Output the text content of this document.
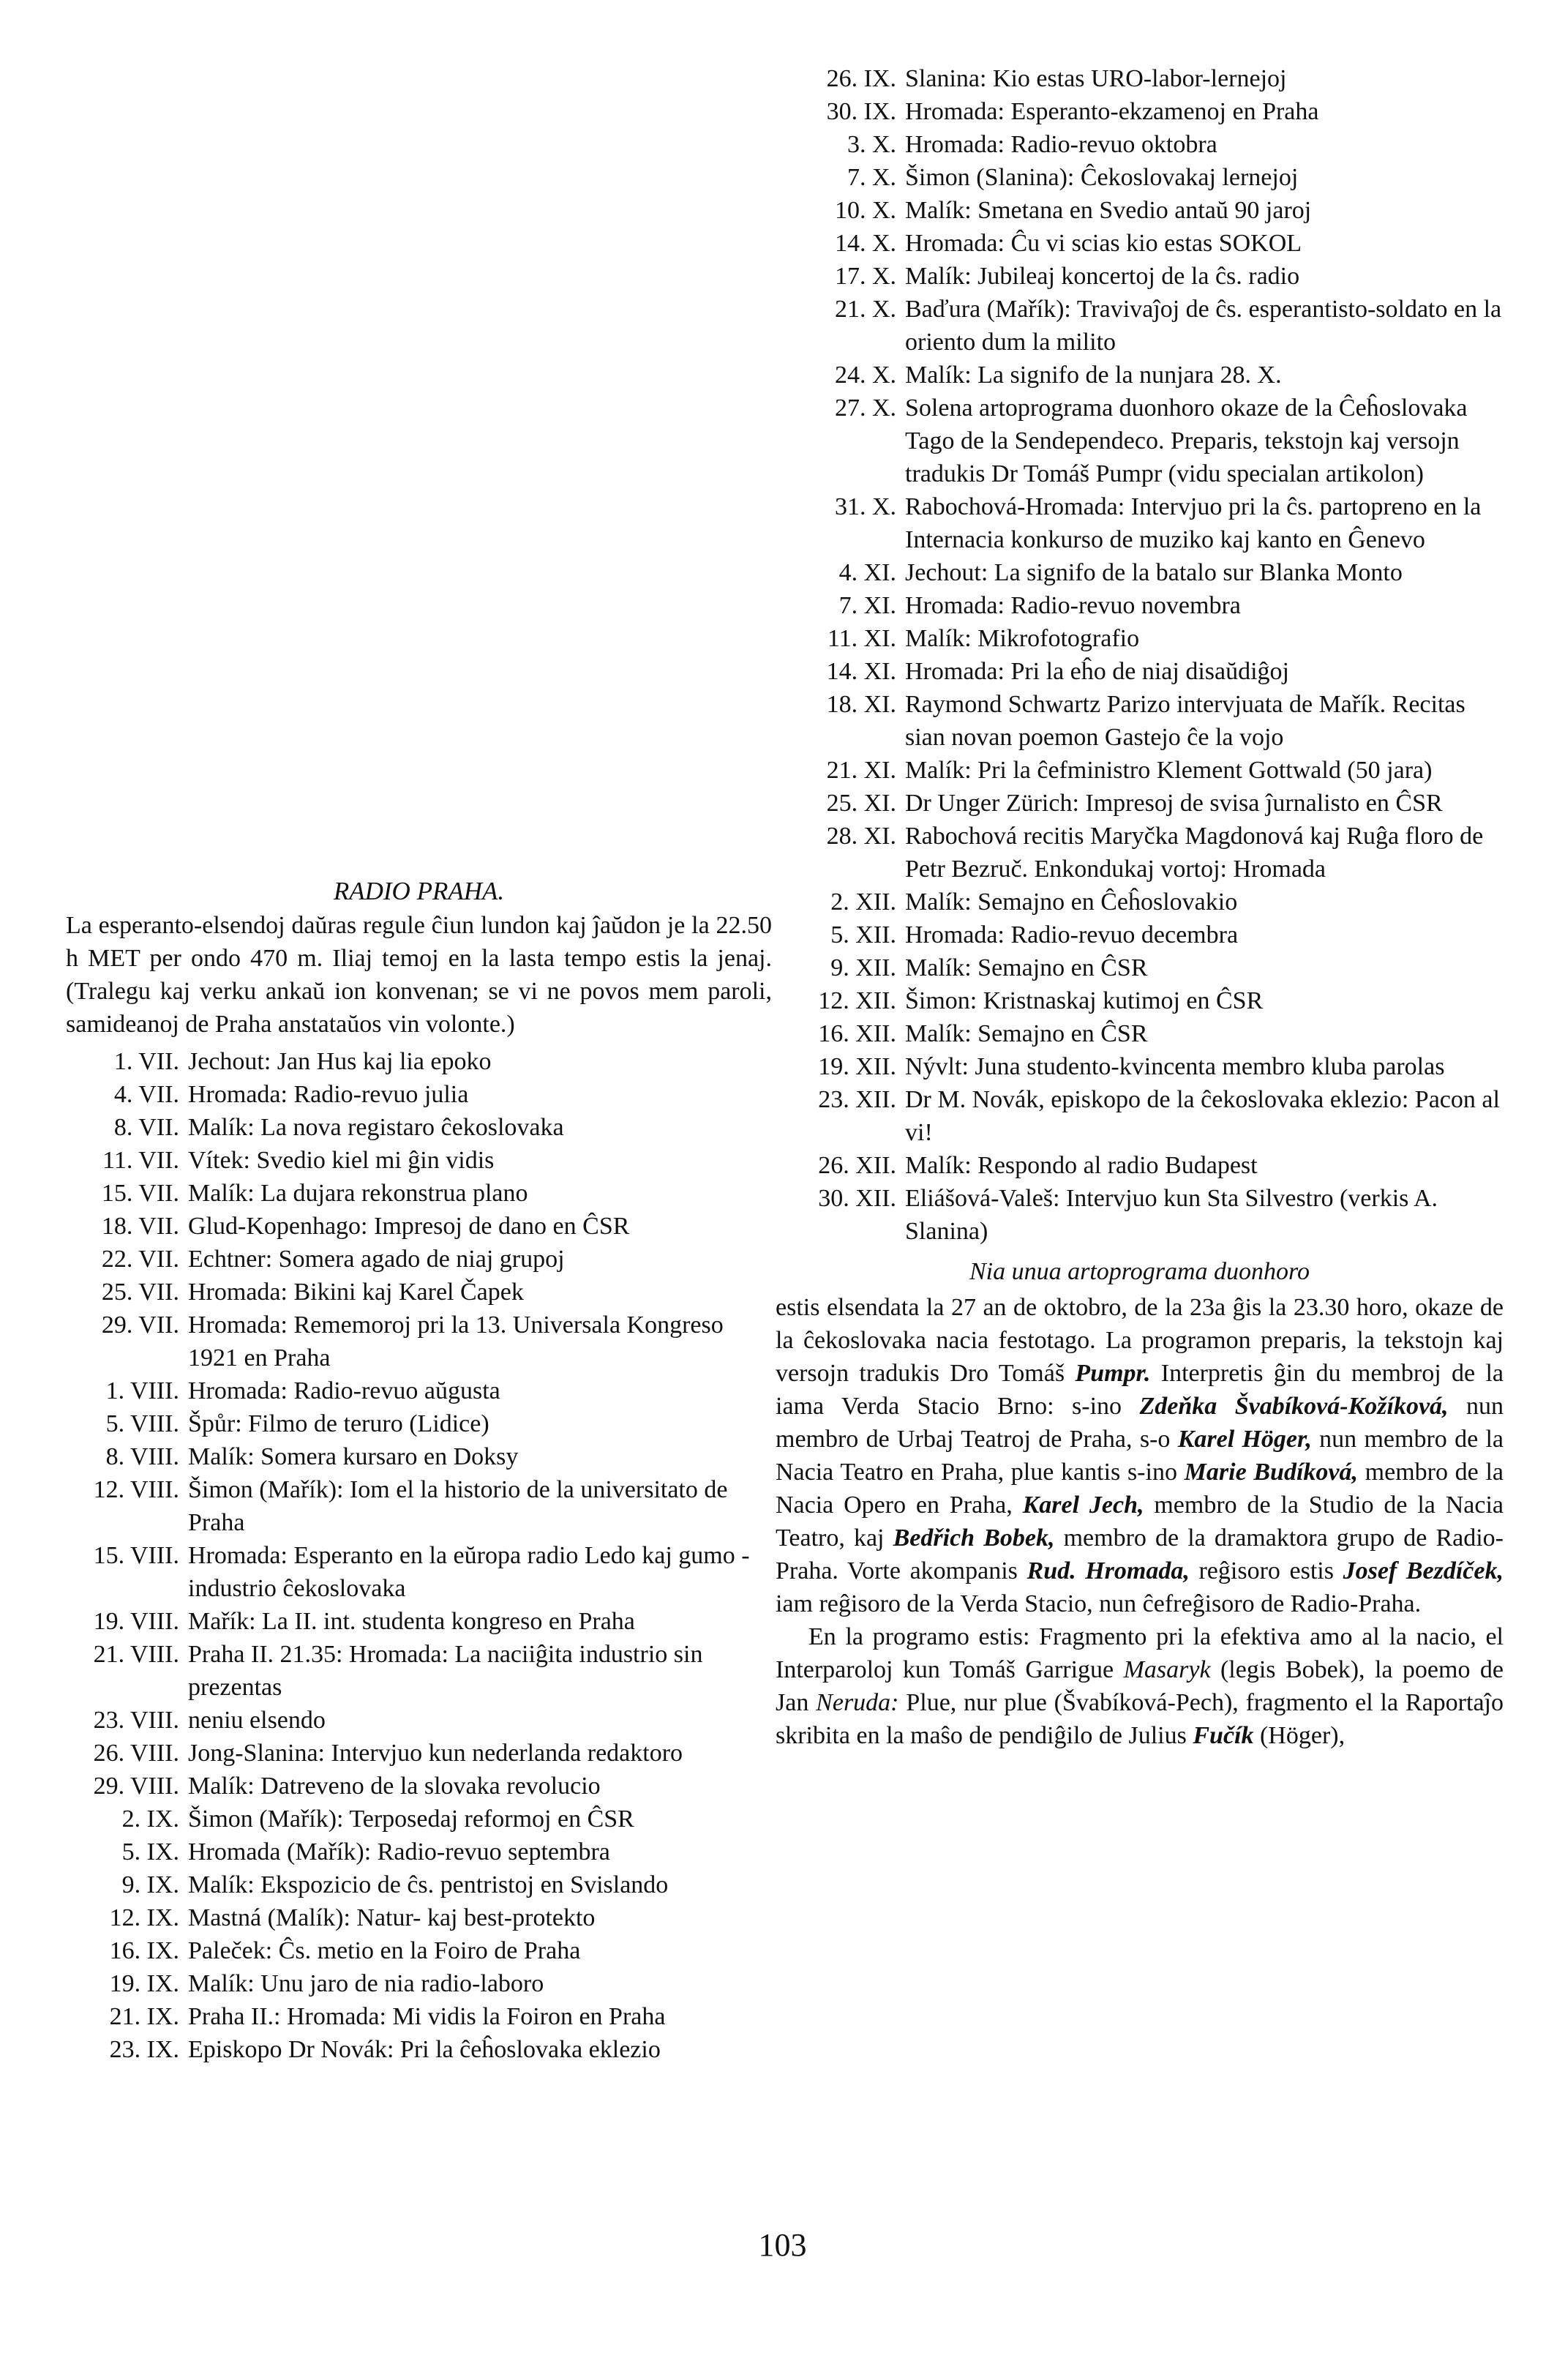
RADIO PRAHA.
La esperanto-elsendoj daŭras regule ĉiun lundon kaj ĵaŭdon je la 22.50 h MET per ondo 470 m. Iliaj temoj en la lasta tempo estis la jenaj. (Tralegu kaj verku ankaŭ ion konvenan; se vi ne povos mem paroli, samideanoj de Praha anstataŭos vin volonte.)
1. VII. Jechout: Jan Hus kaj lia epoko
4. VII. Hromada: Radio-revuo julia
8. VII. Malík: La nova registaro ĉekoslovaka
11. VII. Vítek: Svedio kiel mi ĝin vidis
15. VII. Malík: La dujara rekonstrua plano
18. VII. Glud-Kopenhago: Impresoj de dano en ĈSR
22. VII. Echtner: Somera agado de niaj grupoj
25. VII. Hromada: Bikini kaj Karel Čapek
29. VII. Hromada: Rememoroj pri la 13. Universala Kongreso 1921 en Praha
1. VIII. Hromada: Radio-revuo aŭgusta
5. VIII. Špůr: Filmo de teruro (Lidice)
8. VIII. Malík: Somera kursaro en Doksy
12. VIII. Šimon (Mařík): Iom el la historio de la universitato de Praha
15. VIII. Hromada: Esperanto en la eŭropa radio Ledo kaj gumo - industrio ĉekoslovaka
19. VIII. Mařík: La II. int. studenta kongreso en Praha
21. VIII. Praha II. 21.35: Hromada: La naciiĝita industrio sin prezentas
23. VIII. neniu elsendo
26. VIII. Jong-Slanina: Intervjuo kun nederlanda redaktoro
29. VIII. Malík: Datreveno de la slovaka revolucio
2. IX. Šimon (Mařík): Terposedaj reformoj en ĈSR
5. IX. Hromada (Mařík): Radio-revuo septembra
9. IX. Malík: Ekspozicio de ĉs. pentristoj en Svislando
12. IX. Mastná (Malík): Natur- kaj best-protekto
16. IX. Paleček: Ĉs. metio en la Foiro de Praha
19. IX. Malík: Unu jaro de nia radio-laboro
21. IX. Praha II.: Hromada: Mi vidis la Foiron en Praha
23. IX. Episkopo Dr Novák: Pri la ĉeĥoslovaka eklezio
26. IX. Slanina: Kio estas URO-labor-lernejoj
30. IX. Hromada: Esperanto-ekzamenoj en Praha
3. X. Hromada: Radio-revuo oktobra
7. X. Šimon (Slanina): Ĉekoslovakaj lernejoj
10. X. Malík: Smetana en Svedio antaŭ 90 jaroj
14. X. Hromada: Ĉu vi scias kio estas SOKOL
17. X. Malík: Jubileaj koncertoj de la ĉs. radio
21. X. Baďura (Mařík): Travivaĵoj de ĉs. esperantisto-soldato en la oriento dum la milito
24. X. Malík: La signifo de la nunjara 28. X.
27. X. Solena artoprograma duonhoro okaze de la Ĉeĥoslovaka Tago de la Sendependeco. Preparis, tekstojn kaj versojn tradukis Dr Tomáš Pumpr (vidu specialan artikolon)
31. X. Rabochová-Hromada: Intervjuo pri la ĉs. partopreno en la Internacia konkurso de muziko kaj kanto en Ĝenevo
4. XI. Jechout: La signifo de la batalo sur Blanka Monto
7. XI. Hromada: Radio-revuo novembra
11. XI. Malík: Mikrofotografio
14. XI. Hromada: Pri la eĥo de niaj disaŭdiĝoj
18. XI. Raymond Schwartz Parizo intervjuata de Mařík. Recitas sian novan poemon Gastejo ĉe la vojo
21. XI. Malík: Pri la ĉefministro Klement Gottwald (50 jara)
25. XI. Dr Unger Zürich: Impresoj de svisa ĵurnalisto en ĈSR
28. XI. Rabochová recitis Maryčka Magdonová kaj Ruĝa floro de Petr Bezruč. Enkondukaj vortoj: Hromada
2. XII. Malík: Semajno en Ĉeĥoslovakio
5. XII. Hromada: Radio-revuo decembra
9. XII. Malík: Semajno en ĈSR
12. XII. Šimon: Kristnaskaj kutimoj en ĈSR
16. XII. Malík: Semajno en ĈSR
19. XII. Nývlt: Juna studento-kvincenta membro kluba parolas
23. XII. Dr M. Novák, episkopo de la ĉekoslovaka eklezio: Pacon al vi!
26. XII. Malík: Respondo al radio Budapest
30. XII. Eliášová-Valeš: Intervjuo kun Sta Silvestro (verkis A. Slanina)
Nia unua artoprograma duonhoro

estis elsendata la 27 an de oktobro, de la 23a ĝis la 23.30 horo, okaze de la ĉekoslovaka nacia festotago. La programon preparis, la tekstojn kaj versojn tradukis Dro Tomáš Pumpr. Interpretis ĝin du membroj de la iama Verda Stacio Brno: s-ino Zdeňka Švabíková-Kožíková, nun membro de Urbaj Teatroj de Praha, s-o Karel Höger, nun membro de la Nacia Teatro en Praha, plue kantis s-ino Marie Budíková, membro de la Nacia Opero en Praha, Karel Jech, membro de la Studio de la Nacia Teatro, kaj Bedřich Bobek, membro de la dramaktora grupo de Radio-Praha. Vorte akompanis Rud. Hromada, reĝisoro estis Josef Bezdíček, iam reĝisoro de la Verda Stacio, nun ĉefreĝisoro de Radio-Praha.

En la programo estis: Fragmento pri la efektiva amo al la nacio, el Interparoloj kun Tomáš Garrigue Masaryk (legis Bobek), la poemo de Jan Neruda: Plue, nur plue (Švabíková-Pech), fragmento el la Raportaĵo skribita en la maŝo de pendiĝilo de Julius Fučík (Höger),

103
